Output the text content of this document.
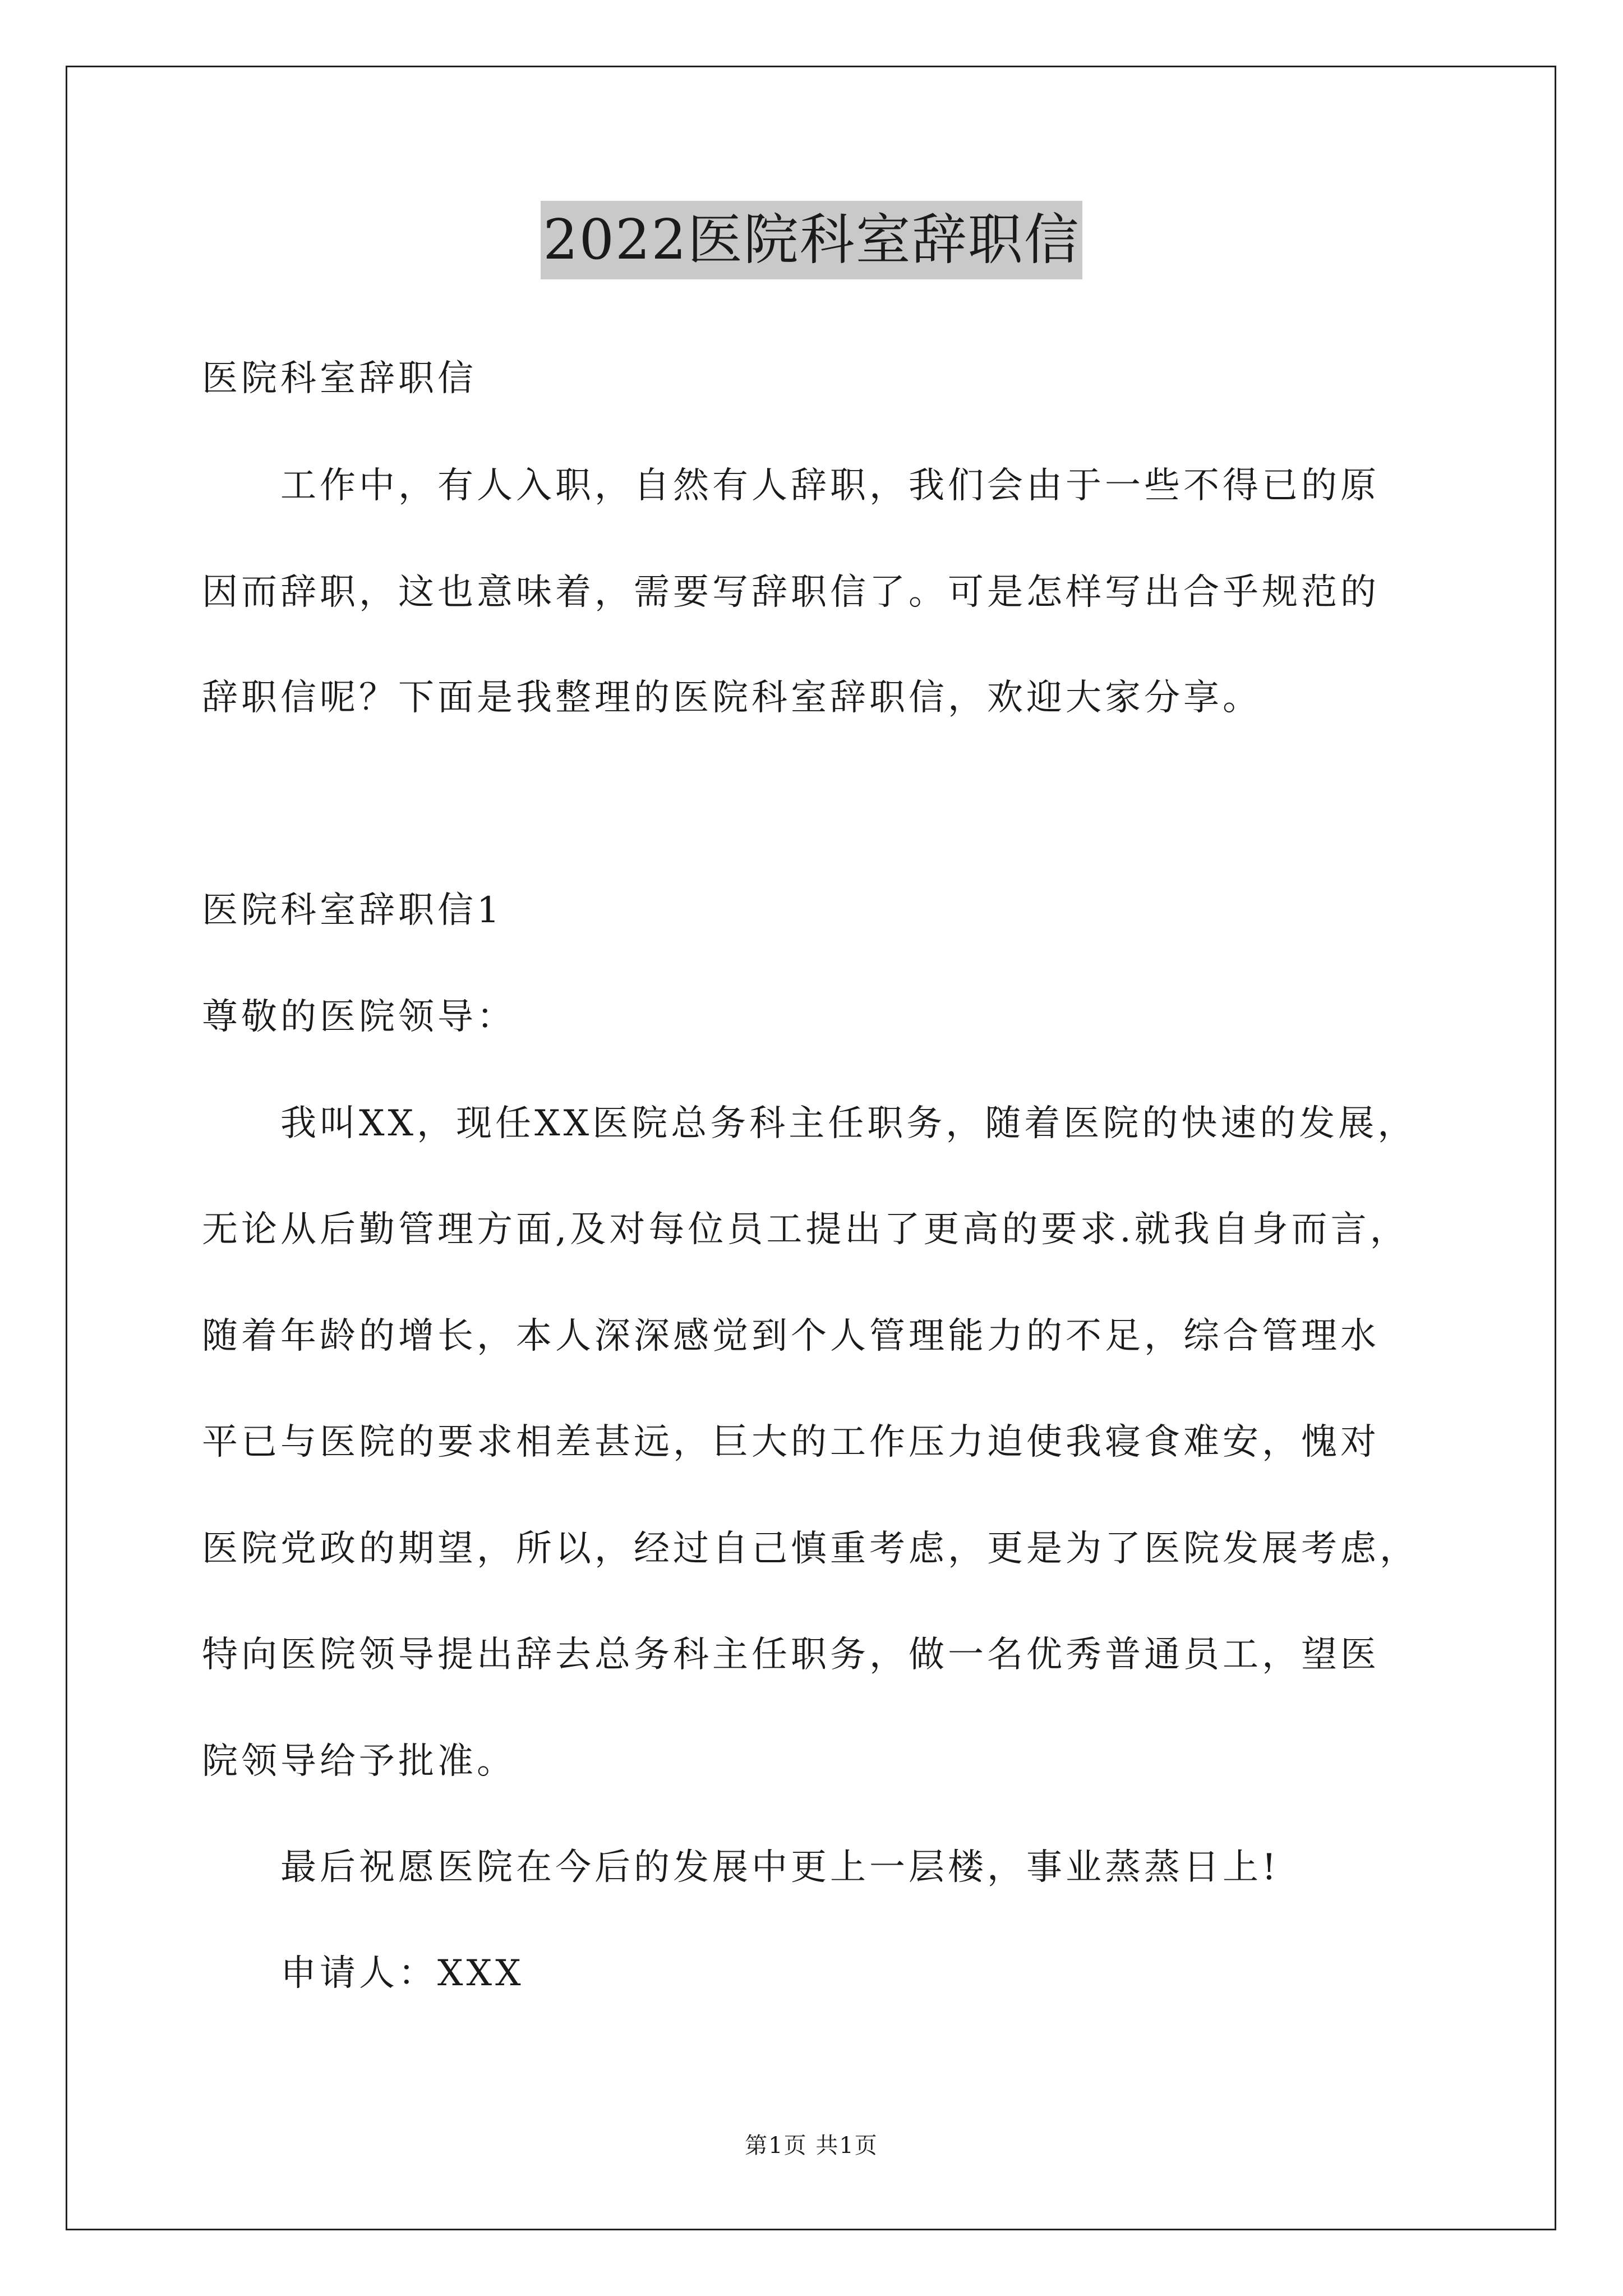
2022医院科室辞职信
医院科室辞职信
工作中，有人入职，自然有人辞职，我们会由于一些不得已的原
因而辞职，这也意味着，需要写辞职信了。可是怎样写出合乎规范的
辞职信呢？下面是我整理的医院科室辞职信，欢迎大家分享。
医院科室辞职信1
尊敬的医院领导：
我叫XX，现任XX医院总务科主任职务，随着医院的快速的发展，
无论从后勤管理方面,及对每位员工提出了更高的要求.就我自身而言，
随着年龄的增长，本人深深感觉到个人管理能力的不足，综合管理水
平已与医院的要求相差甚远，巨大的工作压力迫使我寝食难安，愧对
医院党政的期望，所以，经过自己慎重考虑，更是为了医院发展考虑，
特向医院领导提出辞去总务科主任职务，做一名优秀普通员工，望医
院领导给予批准。
最后祝愿医院在今后的发展中更上一层楼，事业蒸蒸日上!
申请人：XXX
第1页 共1页
